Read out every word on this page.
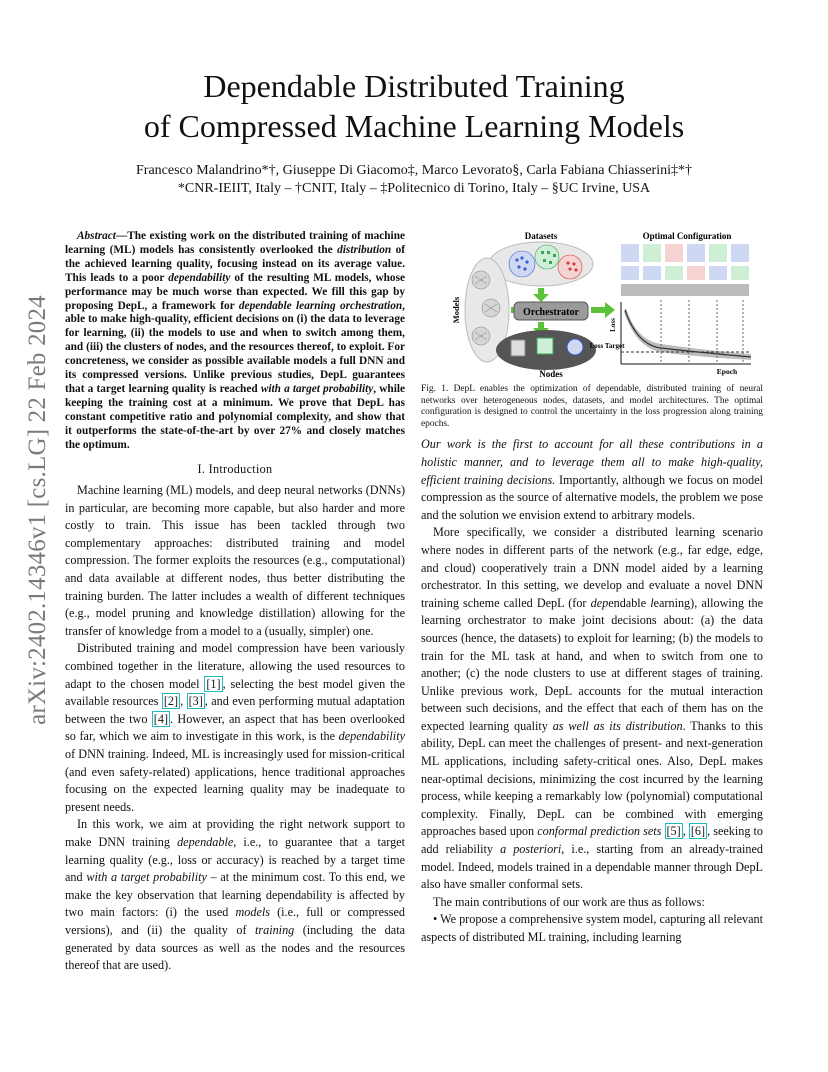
arXiv:2402.14346v1 [cs.LG] 22 Feb 2024
Dependable Distributed Training
of Compressed Machine Learning Models
Francesco Malandrino*†, Giuseppe Di Giacomo‡, Marco Levorato§, Carla Fabiana Chiasserini‡*†
*CNR-IEIIT, Italy – †CNIT, Italy – ‡Politecnico di Torino, Italy – §UC Irvine, USA

Abstract—The existing work on the distributed training of machine learning (ML) models has consistently overlooked the distribution of the achieved learning quality, focusing instead on its average value. This leads to a poor dependability of the resulting ML models, whose performance may be much worse than expected. We fill this gap by proposing DepL, a framework for dependable learning orchestration, able to make high-quality, efficient decisions on (i) the data to leverage for learning, (ii) the models to use and when to switch among them, and (iii) the clusters of nodes, and the resources thereof, to exploit. For concreteness, we consider as possible available models a full DNN and its compressed versions. Unlike previous studies, DepL guarantees that a target learning quality is reached with a target probability, while keeping the training cost at a minimum. We prove that DepL has constant competitive ratio and polynomial complexity, and show that it outperforms the state-of-the-art by over 27% and closely matches the optimum.

I. Introduction

Machine learning (ML) models, and deep neural networks (DNNs) in particular, are becoming more capable, but also harder and more costly to train. This issue has been tackled through two complementary approaches: distributed training and model compression. The former exploits the resources (e.g., computational) and data available at different nodes, thus better distributing the training burden. The latter includes a wealth of different techniques (e.g., model pruning and knowledge distillation) allowing for the transfer of knowledge from a model to a (usually, simpler) one.

Distributed training and model compression have been variously combined together in the literature, allowing the used resources to adapt to the chosen model [1] , selecting the best model given the available resources [2] , [3] , and even performing mutual adaptation between the two [4] . However, an aspect that has been overlooked so far, which we aim to investigate in this work, is the dependability of DNN training. Indeed, ML is increasingly used for mission-critical (and even safety-related) applications, hence traditional approaches focusing on the expected learning quality may be inadequate to present needs.

In this work, we aim at providing the right network support to make DNN training dependable, i.e., to guarantee that a target learning quality (e.g., loss or accuracy) is reached by a target time and with a target probability – at the minimum cost. To this end, we make the key observation that learning dependability is affected by two main factors: (i) the used models (i.e., full or compressed versions), and (ii) the quality of training (including the data generated by data sources as well as the nodes and the resources thereof that are used).

Datasets
Models	Orchestrator
Nodes
Optimal Configuration
Loss
Loss Target
Epoch

Fig. 1. DepL enables the optimization of dependable, distributed training of neural networks over heterogeneous nodes, datasets, and model architectures. The optimal configuration is designed to control the uncertainty in the loss progression along training epochs.

Our work is the first to account for all these contributions in a holistic manner, and to leverage them all to make high-quality, efficient training decisions. Importantly, although we focus on model compression as the source of alternative models, the problem we pose and the solution we envision extend to arbitrary models.

More specifically, we consider a distributed learning scenario where nodes in different parts of the network (e.g., far edge, edge, and cloud) cooperatively train a DNN model aided by a learning orchestrator. In this setting, we develop and evaluate a novel DNN training scheme called DepL (for dependable learning), allowing the learning orchestrator to make joint decisions about: (a) the data sources (hence, the datasets) to exploit for learning; (b) the models to train for the ML task at hand, and when to switch from one to another; (c) the node clusters to use at different stages of training. Unlike previous work, DepL accounts for the mutual interaction between such decisions, and the effect that each of them has on the expected learning quality as well as its distribution. Thanks to this ability, DepL can meet the challenges of present- and next-generation ML applications, including safety-critical ones. Also, DepL makes near-optimal decisions, minimizing the cost incurred by the learning process, while keeping a remarkably low (polynomial) computational complexity. Finally, DepL can be combined with emerging approaches based upon conformal prediction sets [5] , [6] , seeking to add reliability a posteriori, i.e., starting from an already-trained model. Indeed, models trained in a dependable manner through DepL also have smaller conformal sets.

The main contributions of our work are thus as follows:

• We propose a comprehensive system model, capturing all relevant aspects of distributed ML training, including learning
